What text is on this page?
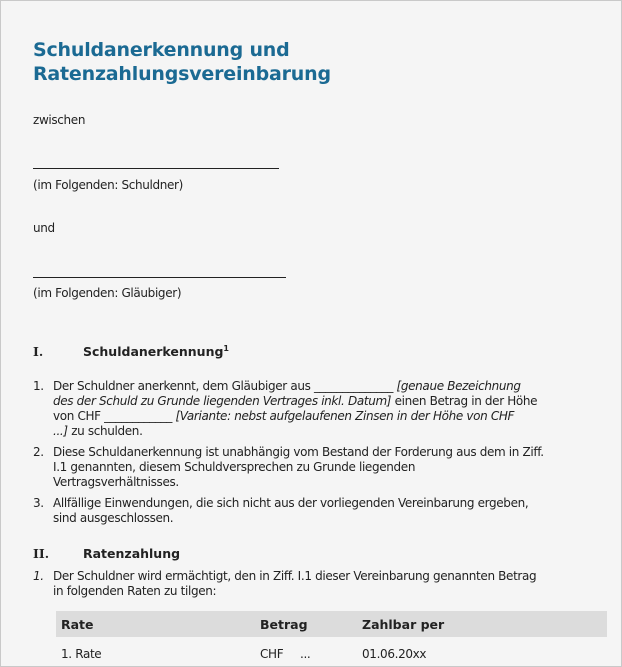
Schuldanerkennung und
Ratenzahlungsvereinbarung
zwischen
(im Folgenden: Schuldner)
und
(im Folgenden: Gläubiger)
I.	Schuldanerkennung$^1$
1. Der Schuldner anerkennt, dem Gläubiger aus ______________ [genaue Bezeichnung
des der Schuld zu Grunde liegenden Vertrages inkl. Datum] einen Betrag in der Höhe
von CHF ____________ [Variante: nebst aufgelaufenen Zinsen in der Höhe von CHF
...] zu schulden.
2. Diese Schuldanerkennung ist unabhängig vom Bestand der Forderung aus dem in Ziff.
I.1 genannten, diesem Schuldversprechen zu Grunde liegenden
Vertragsverhältnisses.
3. Allfällige Einwendungen, die sich nicht aus der vorliegenden Vereinbarung ergeben,
sind ausgeschlossen.
II.	Ratenzahlung
1. Der Schuldner wird ermächtigt, den in Ziff. I.1 dieser Vereinbarung genannten Betrag
in folgenden Raten zu tilgen:
Rate	Betrag	Zahlbar per
1. Rate	CHF ...	01.06.20xx
